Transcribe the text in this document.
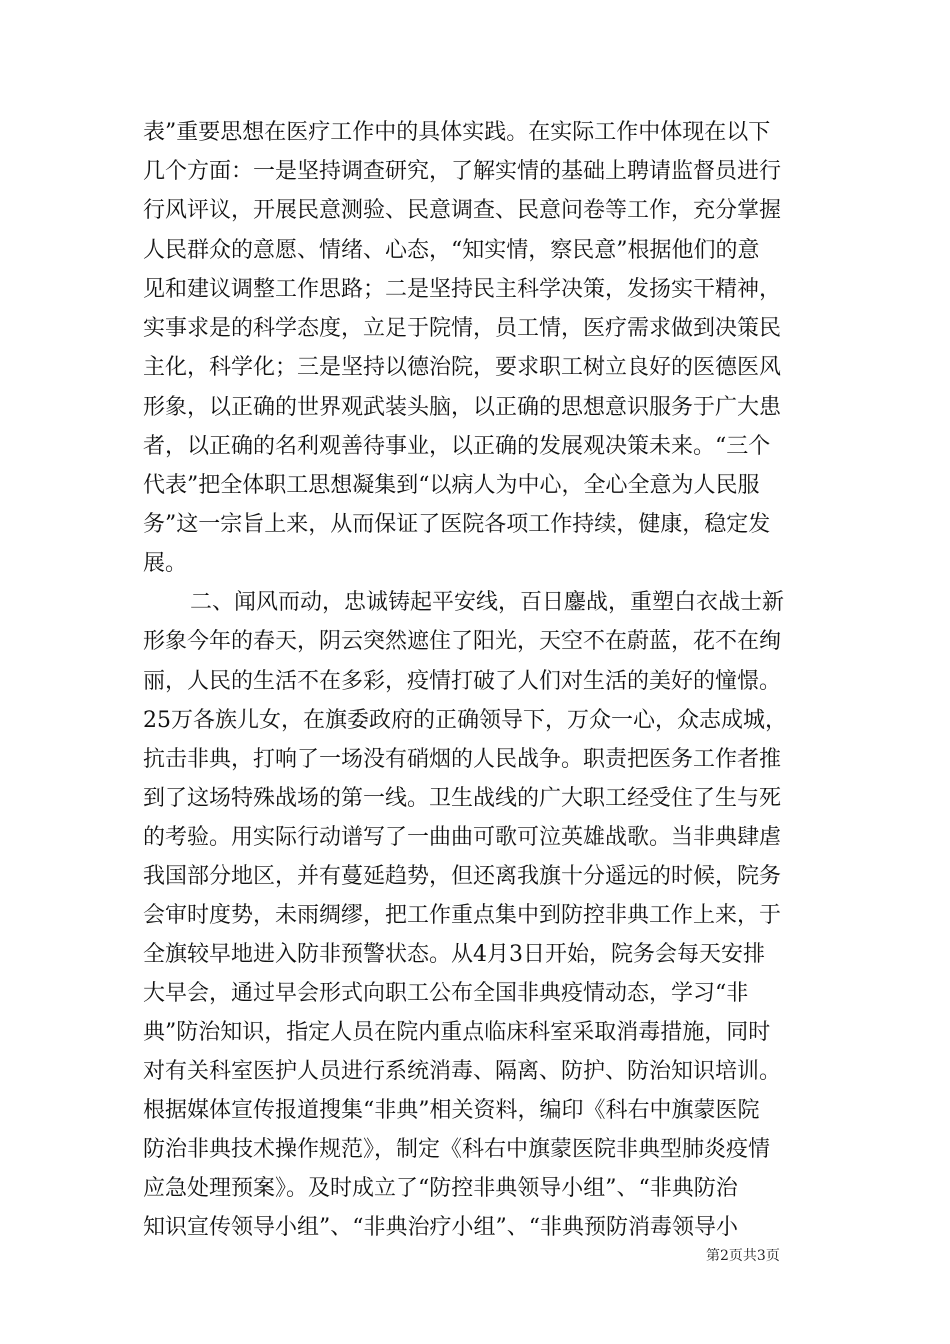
表”重要思想在医疗工作中的具体实践。在实际工作中体现在以下
几个方面：一是坚持调查研究，了解实情的基础上聘请监督员进行
行风评议，开展民意测验、民意调查、民意问卷等工作，充分掌握
人民群众的意愿、情绪、心态，“知实情，察民意”根据他们的意
见和建议调整工作思路；二是坚持民主科学决策，发扬实干精神，
实事求是的科学态度，立足于院情，员工情，医疗需求做到决策民
主化，科学化；三是坚持以德治院，要求职工树立良好的医德医风
形象，以正确的世界观武装头脑，以正确的思想意识服务于广大患
者，以正确的名利观善待事业，以正确的发展观决策未来。“三个
代表”把全体职工思想凝集到“以病人为中心，全心全意为人民服
务”这一宗旨上来，从而保证了医院各项工作持续，健康，稳定发
展。
二、闻风而动，忠诚铸起平安线，百日鏖战，重塑白衣战士新
形象今年的春天，阴云突然遮住了阳光，天空不在蔚蓝，花不在绚
丽，人民的生活不在多彩，疫情打破了人们对生活的美好的憧憬。
25万各族儿女，在旗委政府的正确领导下，万众一心，众志成城，
抗击非典，打响了一场没有硝烟的人民战争。职责把医务工作者推
到了这场特殊战场的第一线。卫生战线的广大职工经受住了生与死
的考验。用实际行动谱写了一曲曲可歌可泣英雄战歌。当非典肆虐
我国部分地区，并有蔓延趋势，但还离我旗十分遥远的时候，院务
会审时度势，未雨绸缪，把工作重点集中到防控非典工作上来，于
全旗较早地进入防非预警状态。从4月3日开始，院务会每天安排
大早会，通过早会形式向职工公布全国非典疫情动态，学习“非
典”防治知识，指定人员在院内重点临床科室采取消毒措施，同时
对有关科室医护人员进行系统消毒、隔离、防护、防治知识培训。
根据媒体宣传报道搜集“非典”相关资料，编印《科右中旗蒙医院
防治非典技术操作规范》，制定《科右中旗蒙医院非典型肺炎疫情
应急处理预案》。及时成立了“防控非典领导小组”、“非典防治
知识宣传领导小组”、“非典治疗小组”、“非典预防消毒领导小
第2页共3页
